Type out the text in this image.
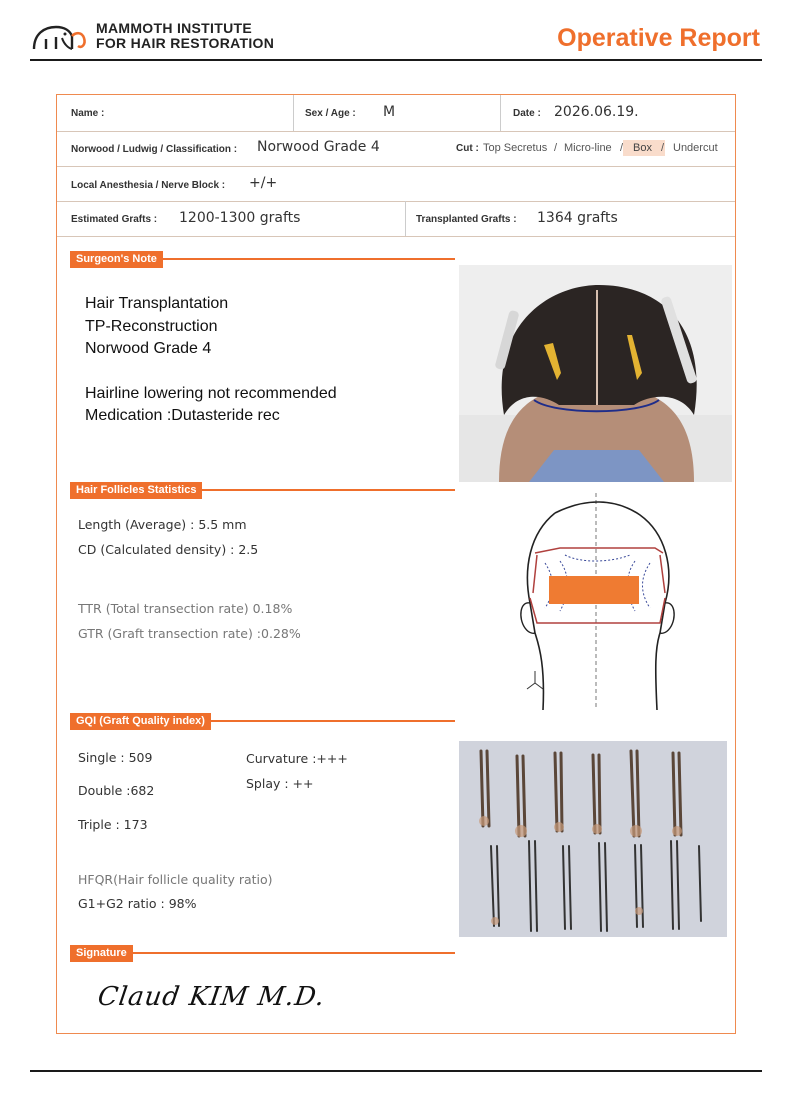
MAMMOTH INSTITUTE
FOR HAIR RESTORATION	Operative Report
Name :	Sex / Age : M	Date : 2026.06.19.
Norwood / Ludwig / Classification : Norwood Grade 4	Cut : Top Secretus / Micro-line / Box / Undercut
Local Anesthesia / Nerve Block : +/+
Estimated Grafts : 1200-1300 grafts	Transplanted Grafts : 1364 grafts
Surgeon's Note
Hair Transplantation
TP-Reconstruction
Norwood Grade 4
Hairline lowering not recommended
Medication :Dutasteride rec
Hair Follicles Statistics
Length (Average) : 5.5 mm
CD (Calculated density) : 2.5
TTR (Total transection rate) 0.18%
GTR (Graft transection rate) :0.28%
GQI (Graft Quality index)
Single : 509
Double :682
Triple : 173
Curvature :+++
Splay : ++
HFQR(Hair follicle quality ratio)
G1+G2 ratio : 98%
Signature
Claud KIM M.D.
